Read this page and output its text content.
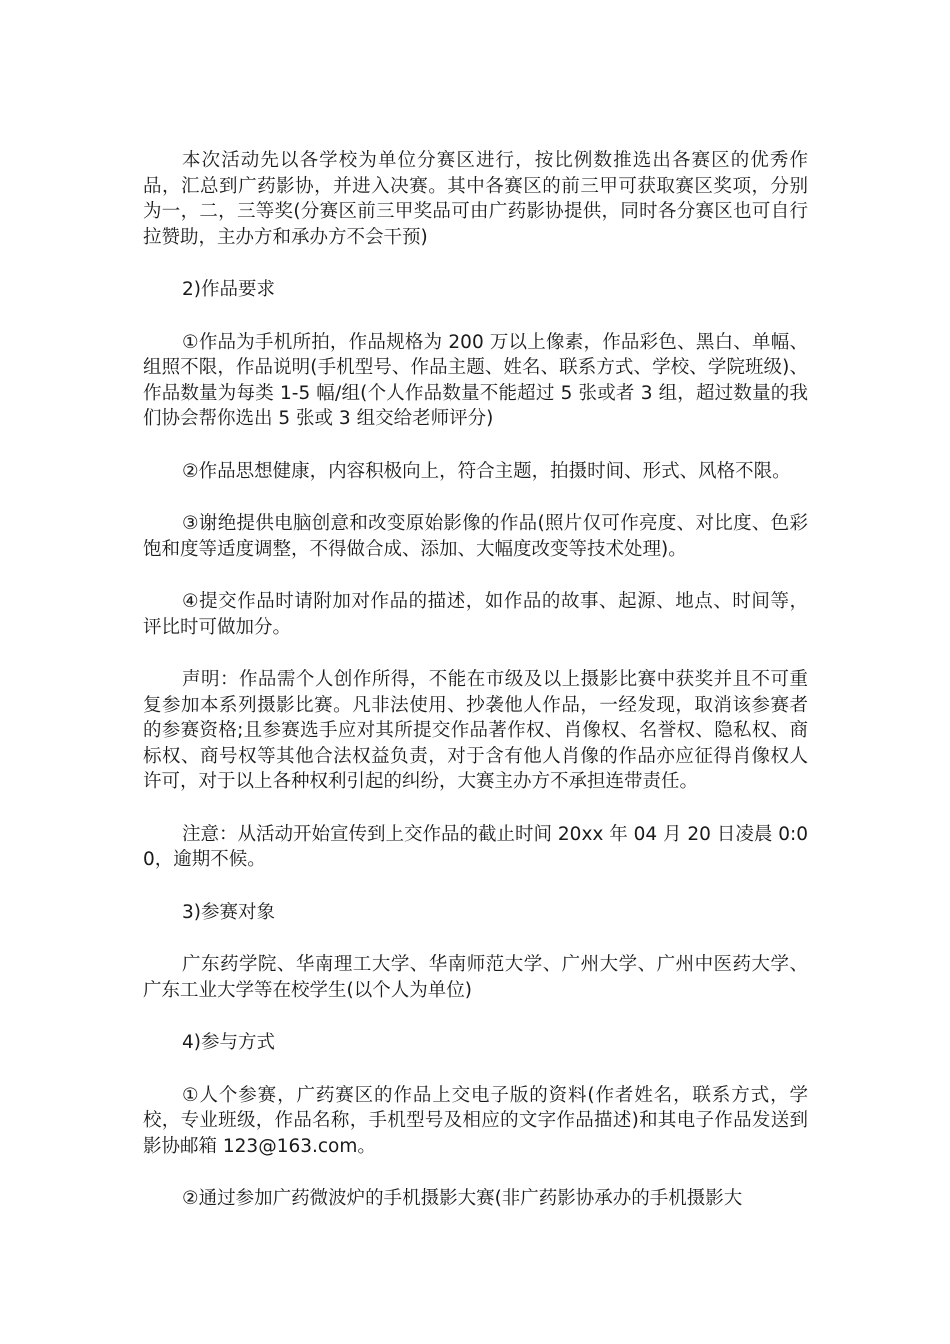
本次活动先以各学校为单位分赛区进行，按比例数推选出各赛区的优秀作品，汇总到广药影协，并进入决赛。其中各赛区的前三甲可获取赛区奖项，分别为一，二，三等奖(分赛区前三甲奖品可由广药影协提供，同时各分赛区也可自行拉赞助，主办方和承办方不会干预)

2)作品要求

①作品为手机所拍，作品规格为 200 万以上像素，作品彩色、黑白、单幅、组照不限，作品说明(手机型号、作品主题、姓名、联系方式、学校、学院班级)、作品数量为每类 1-5 幅/组(个人作品数量不能超过 5 张或者 3 组，超过数量的我们协会帮你选出 5 张或 3 组交给老师评分)

②作品思想健康，内容积极向上，符合主题，拍摄时间、形式、风格不限。

③谢绝提供电脑创意和改变原始影像的作品(照片仅可作亮度、对比度、色彩饱和度等适度调整，不得做合成、添加、大幅度改变等技术处理)。

④提交作品时请附加对作品的描述，如作品的故事、起源、地点、时间等，评比时可做加分。

声明：作品需个人创作所得，不能在市级及以上摄影比赛中获奖并且不可重复参加本系列摄影比赛。凡非法使用、抄袭他人作品，一经发现，取消该参赛者的参赛资格;且参赛选手应对其所提交作品著作权、肖像权、名誉权、隐私权、商标权、商号权等其他合法权益负责，对于含有他人肖像的作品亦应征得肖像权人许可，对于以上各种权利引起的纠纷，大赛主办方不承担连带责任。

注意：从活动开始宣传到上交作品的截止时间 20xx 年 04 月 20 日凌晨 0:00，逾期不候。

3)参赛对象

广东药学院、华南理工大学、华南师范大学、广州大学、广州中医药大学、广东工业大学等在校学生(以个人为单位)

4)参与方式

①人个参赛，广药赛区的作品上交电子版的资料(作者姓名，联系方式，学校，专业班级，作品名称，手机型号及相应的文字作品描述)和其电子作品发送到影协邮箱 123@163.com。

②通过参加广药微波炉的手机摄影大赛(非广药影协承办的手机摄影大
